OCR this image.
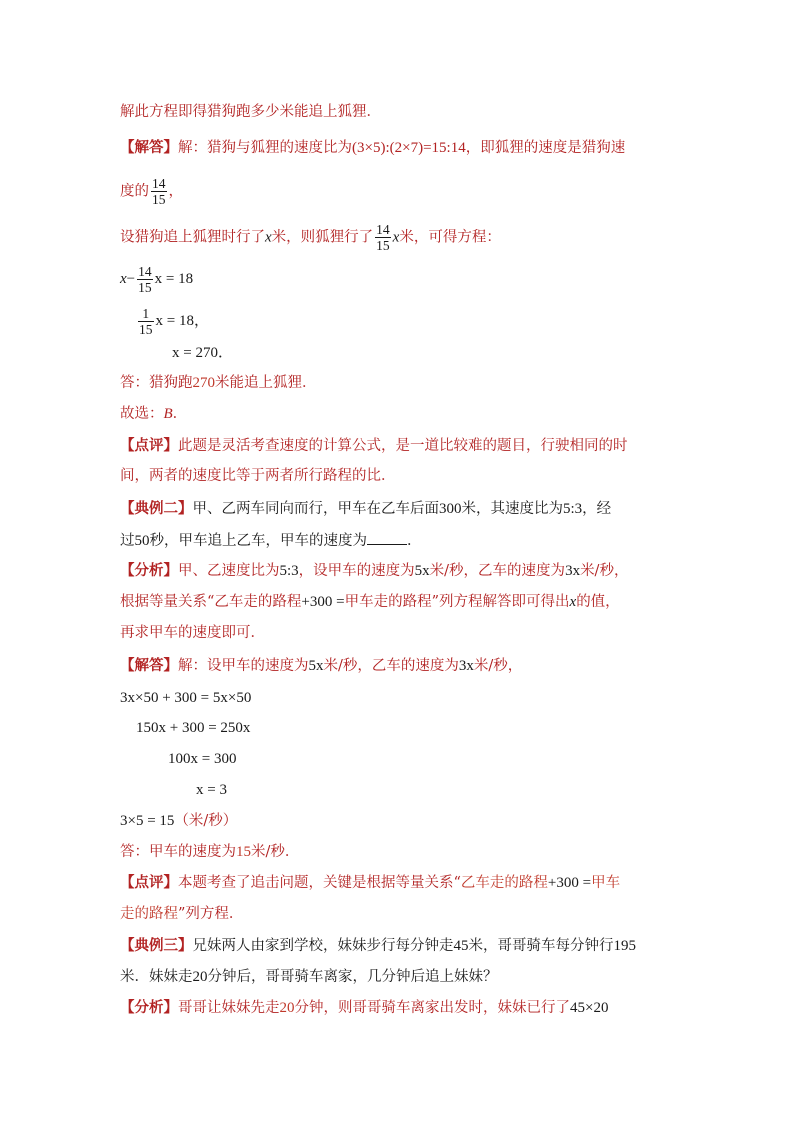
解此方程即得猎狗跑多少米能追上狐狸．
【解答】解：猎狗与狐狸的速度比为(3×5):(2×7)=15:14，即狐狸的速度是猎狗速
度的 $\frac{14}{15}$ ，
设猎狗追上狐狸时行了x米，则狐狸行了 $\frac{14}{15}$ x米，可得方程：
$x- \frac{14}{15}$ x = 18
$\frac{1}{15}$ x = 18，
x = 270．
答：猎狗跑270米能追上狐狸．
故选：B．
【点评】此题是灵活考查速度的计算公式，是一道比较难的题目，行驶相同的时
间，两者的速度比等于两者所行路程的比．
【典例二】甲、乙两车同向而行，甲车在乙车后面300米，其速度比为5:3，经
过50秒，甲车追上乙车，甲车的速度为	．
【分析】甲、乙速度比为5:3，设甲车的速度为5x米/秒，乙车的速度为3x米/秒，
根据等量关系“乙车走的路程+300 =甲车走的路程”列方程解答即可得出x的值，
再求甲车的速度即可．
【解答】解：设甲车的速度为5x米/秒，乙车的速度为3x米/秒，
3x×50 + 300 = 5x×50
150x + 300 = 250x
100x = 300
x = 3
3×5 = 15（米/秒）
答：甲车的速度为15米/秒．
【点评】本题考查了追击问题，关键是根据等量关系“乙车走的路程+300 =甲车
走的路程”列方程．
【典例三】兄妹两人由家到学校，妹妹步行每分钟走45米，哥哥骑车每分钟行195
米．妹妹走20分钟后，哥哥骑车离家，几分钟后追上妹妹？
【分析】哥哥让妹妹先走20分钟，则哥哥骑车离家出发时，妹妹已行了45×20
